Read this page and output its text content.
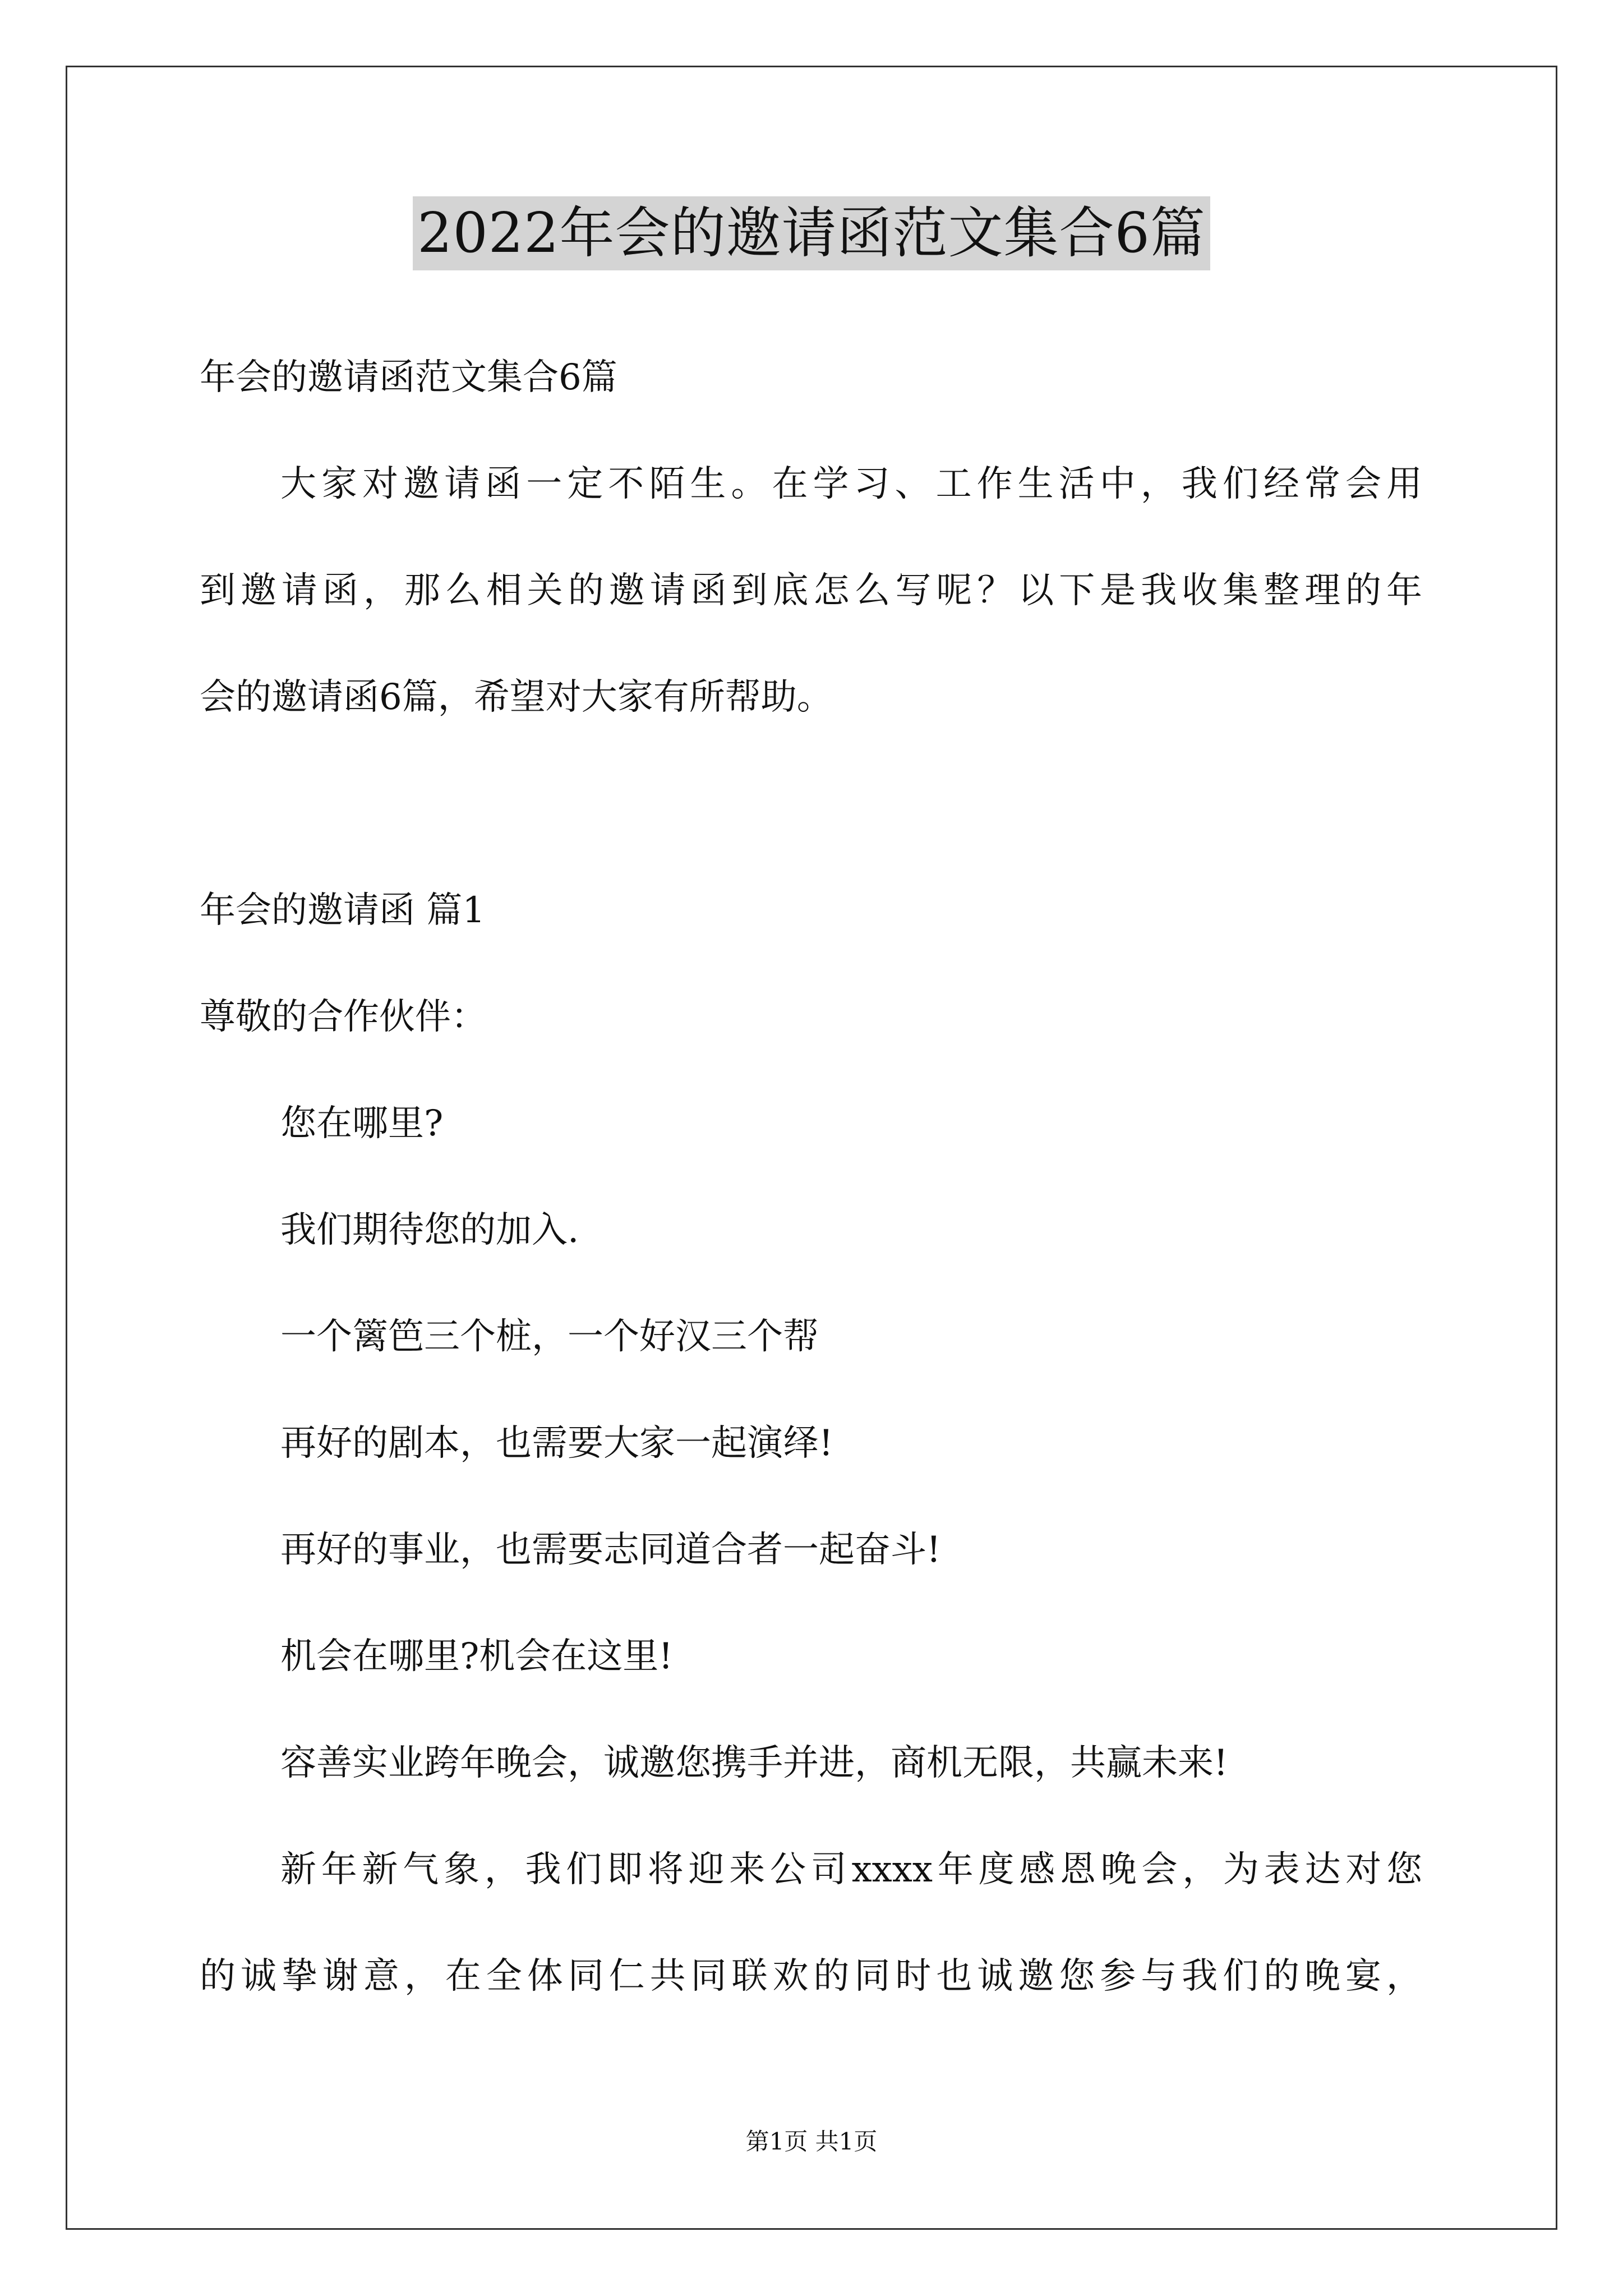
2022年会的邀请函范文集合6篇
年会的邀请函范文集合6篇
大家对邀请函一定不陌生。在学习、工作生活中，我们经常会用
到邀请函，那么相关的邀请函到底怎么写呢？以下是我收集整理的年
会的邀请函6篇，希望对大家有所帮助。
年会的邀请函 篇1
尊敬的合作伙伴：
您在哪里?
我们期待您的加入.
一个篱笆三个桩，一个好汉三个帮
再好的剧本，也需要大家一起演绎!
再好的事业，也需要志同道合者一起奋斗!
机会在哪里?机会在这里!
容善实业跨年晚会，诚邀您携手并进，商机无限，共赢未来!
新年新气象，我们即将迎来公司xxxx年度感恩晚会，为表达对您
的诚挚谢意，在全体同仁共同联欢的同时也诚邀您参与我们的晚宴，
第1页 共1页
